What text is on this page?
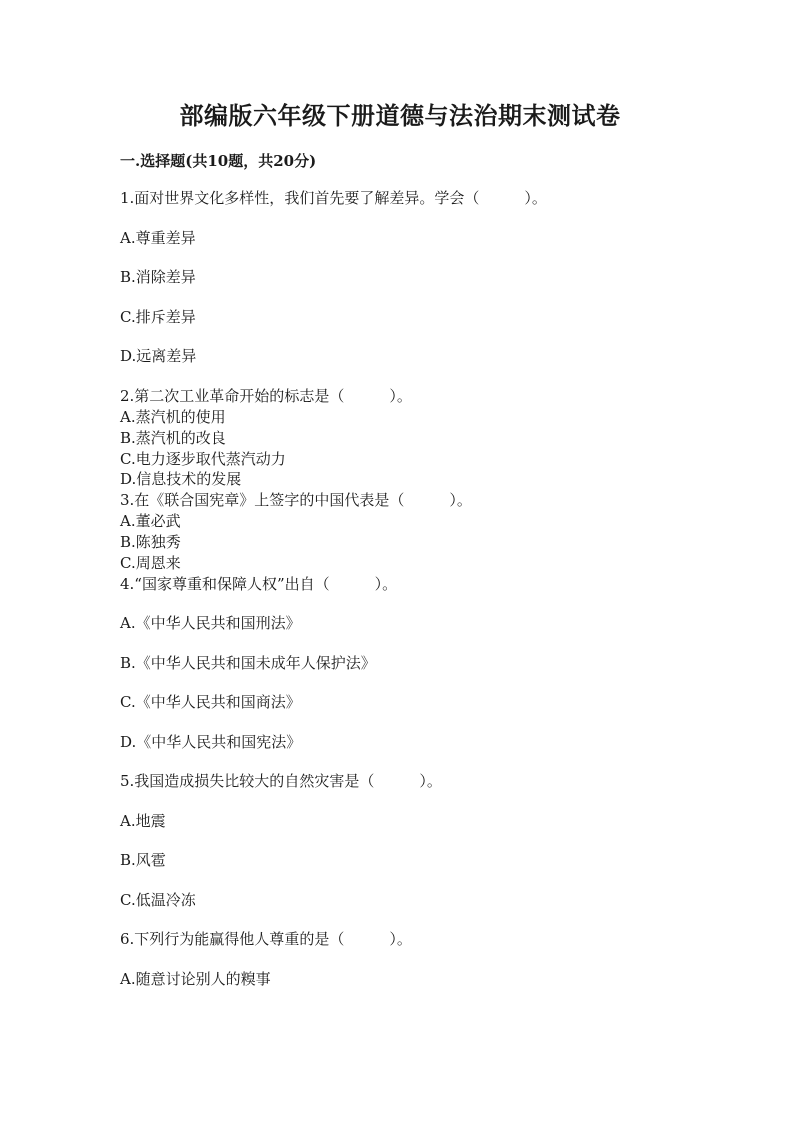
部编版六年级下册道德与法治期末测试卷
一.选择题(共10题，共20分)
1.面对世界文化多样性，我们首先要了解差异。学会（　　　）。
A.尊重差异
B.消除差异
C.排斥差异
D.远离差异
2.第二次工业革命开始的标志是（　　　）。
A.蒸汽机的使用
B.蒸汽机的改良
C.电力逐步取代蒸汽动力
D.信息技术的发展
3.在《联合国宪章》上签字的中国代表是（　　　）。
A.董必武
B.陈独秀
C.周恩来
4.“国家尊重和保障人权”出自（　　　）。
A.《中华人民共和国刑法》
B.《中华人民共和国未成年人保护法》
C.《中华人民共和国商法》
D.《中华人民共和国宪法》
5.我国造成损失比较大的自然灾害是（　　　）。
A.地震
B.风雹
C.低温冷冻
6.下列行为能赢得他人尊重的是（　　　）。
A.随意讨论别人的糗事
